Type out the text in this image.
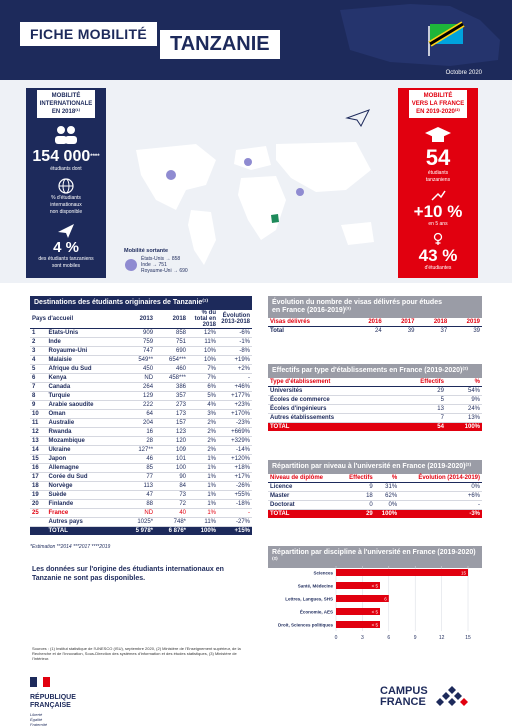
FICHE MOBILITÉ	TANZANIE
Octobre 2020
MOBILITÉ
INTERNATIONALE
EN 2018⁽¹⁾
154 000****
étudiants dont
% d'étudiants
internationaux
non disponible
4 %
des étudiants tanzaniens
sont mobiles
Mobilité sortante
États-Unis → 858
Inde → 751
Royaume-Uni → 690
MOBILITÉ
VERS LA FRANCE
EN 2019-2020⁽²⁾
54
étudiants
tanzaniens
+10 %
en 5 ans
43 %
d'étudiantes
Destinations des étudiants originaires de Tanzanie⁽¹⁾
Pays d'accueil		2013	2018	% du total en 2018	Évolution 2013-2018
1	États-Unis	909	858	12%	-6%
2	Inde	759	751	11%	-1%
3	Royaume-Uni	747	690	10%	-8%
4	Malaisie	549**	654***	10%	+19%
5	Afrique du Sud	450	460	7%	+2%
6	Kenya	ND	458***	7%	-
7	Canada	264	386	6%	+46%
8	Turquie	129	357	5%	+177%
9	Arabie saoudite	222	273	4%	+23%
10	Oman	64	173	3%	+170%
11	Australie	204	157	2%	-23%
12	Rwanda	16	123	2%	+669%
13	Mozambique	28	120	2%	+329%
14	Ukraine	127**	109	2%	-14%
15	Japon	46	101	1%	+120%
16	Allemagne	85	100	1%	+18%
17	Corée du Sud	77	90	1%	+17%
18	Norvège	113	84	1%	-26%
19	Suède	47	73	1%	+55%
20	Finlande	88	72	1%	-18%
25	France	ND	40	1%	-
	Autres pays	1025*	748*	11%	-27%
	TOTAL	5 978*	6 876*	100%	+15%
*Estimation **2014 ***2017 ****2019
Les données sur l'origine des étudiants internationaux en Tanzanie ne sont pas disponibles.
Évolution du nombre de visas délivrés pour études
en France (2016-2019)⁽³⁾
Visas délivrés	2016	2017	2018	2019
Total	24	39	37	39
Effectifs par type d'établissements en France (2019-2020)⁽²⁾
Type d'établissement	Effectifs	%
Universités	29	54%
Écoles de commerce	5	9%
Écoles d'ingénieurs	13	24%
Autres établissements	7	13%
TOTAL	54	100%
Répartition par niveau à l'université en France (2019-2020)⁽²⁾
Niveau de diplôme	Effectifs	%	Évolution (2014-2019)
Licence	9	31%	0%
Master	18	62%	+6%
Doctorat	0	0%	-
TOTAL	29	100%	-3%
Répartition par discipline à l'université en France (2019-2020)⁽²⁾
0	3	6	9	12	15
Sciences	15
Santé, Médecine	< 5
Lettres, Langues, SHS	6
Économie, AES	< 5
Droit, Sciences politiques	< 5
Sources : (1) Institut statistique de l'UNESCO (ISU), septembre 2020, (2) Ministère de l'Enseignement supérieur, de la Recherche et de l'Innovation, Sous-Direction des systèmes d'information et des études statistiques, (3) Ministère de l'Intérieur.
RÉPUBLIQUE
FRANÇAISE
Liberté
Égalité
Fraternité
CAMPUS
FRANCE
